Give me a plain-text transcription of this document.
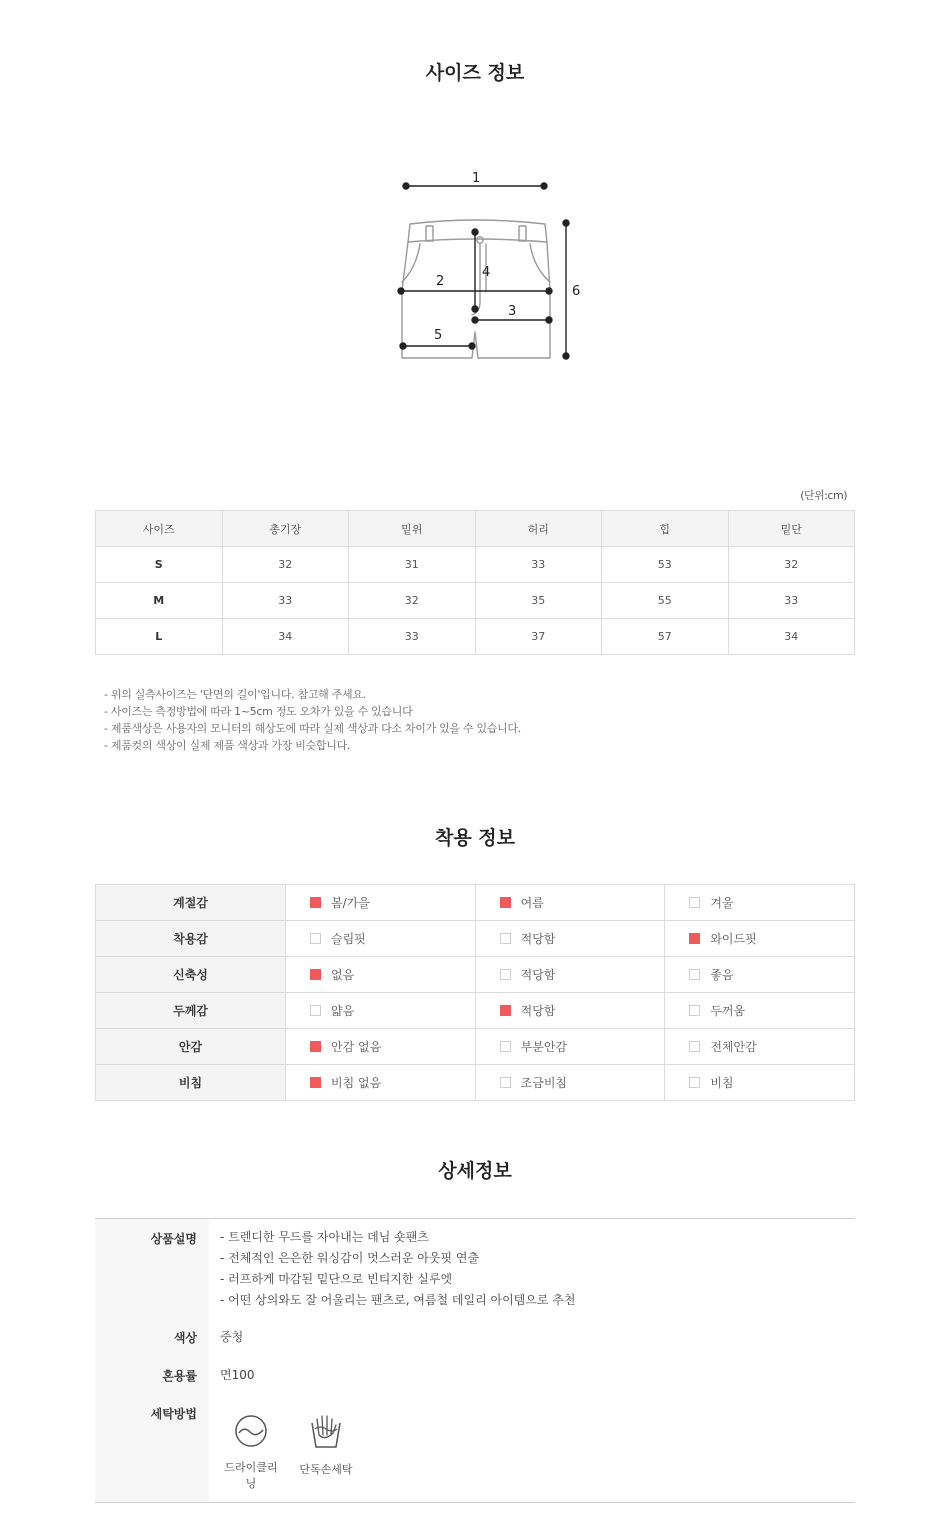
사이즈 정보
1
2
3
4
5
6
(단위:cm)
사이즈	총기장	밑위	허리	힙	밑단
S	32	31	33	53	32
M	33	32	35	55	33
L	34	33	37	57	34
- 위의 실측사이즈는 '단면의 길이'입니다. 참고해 주세요.
- 사이즈는 측정방법에 따라 1~5cm 정도 오차가 있을 수 있습니다
- 제품색상은 사용자의 모니터의 해상도에 따라 실제 색상과 다소 차이가 있을 수 있습니다.
- 제품컷의 색상이 실제 제품 색상과 가장 비슷합니다.
착용 정보
계절감	봄/가을	여름	겨울
착용감	슬림핏	적당함	와이드핏
신축성	없음	적당함	좋음
두께감	얇음	적당함	두꺼움
안감	안감 없음	부분안감	전체안감
비침	비침 없음	조금비침	비침
상세정보
상품설명 - 트렌디한 무드를 자아내는 데님 숏팬츠
- 전체적인 은은한 워싱감이 멋스러운 아웃핏 연출
- 러프하게 마감된 밑단으로 빈티지한 실루엣
- 어떤 상의와도 잘 어울리는 팬츠로, 여름철 데일리 아이템으로 추천
색상 중청
혼용률 면100
세탁방법
드라이클리닝
단독손세탁
